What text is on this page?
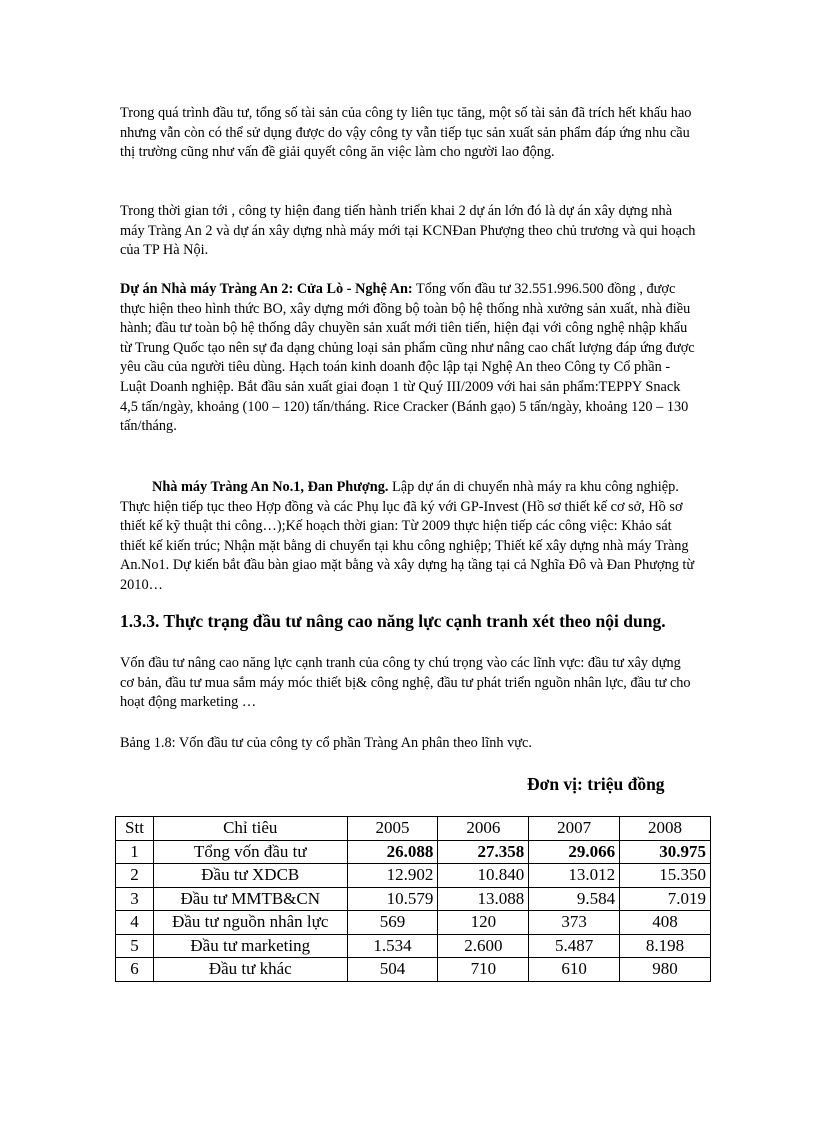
Trong quá trình đầu tư, tổng số tài sản của công ty liên tục tăng, một số tài sản đã trích hết khấu hao nhưng vẫn còn có thể sử dụng được do vậy công ty vẫn tiếp tục sản xuất sản phẩm đáp ứng nhu cầu thị trường cũng như vấn đề giải quyết công ăn việc làm cho người lao động.

Trong thời gian tới , công ty hiện đang tiến hành triển khai 2 dự án lớn đó là dự án xây dựng nhà máy Tràng An 2 và dự án xây dựng nhà máy mới tại KCNĐan Phượng theo chủ trương và qui hoạch của TP Hà Nội.

Dự án Nhà máy Tràng An 2: Cửa Lò - Nghệ An: Tổng vốn đầu tư 32.551.996.500 đồng , được thực hiện theo hình thức BO, xây dựng mới đồng bộ toàn bộ hệ thống nhà xưởng sản xuất, nhà điều hành; đầu tư toàn bộ hệ thống dây chuyền sản xuất mới tiên tiến, hiện đại với công nghệ nhập khẩu từ Trung Quốc tạo nên sự đa dạng chủng loại sản phẩm cũng như nâng cao chất lượng đáp ứng được yêu cầu của người tiêu dùng. Hạch toán kinh doanh độc lập tại Nghệ An theo Công ty Cổ phần - Luật Doanh nghiệp. Bắt đầu sản xuất giai đoạn 1 từ Quý III/2009 với hai sản phẩm:TEPPY Snack 4,5 tấn/ngày, khoảng (100 – 120) tấn/tháng. Rice Cracker (Bánh gạo) 5 tấn/ngày, khoảng 120 – 130 tấn/tháng.

Nhà máy Tràng An No.1, Đan Phượng. Lập dự án di chuyển nhà máy ra khu công nghiệp. Thực hiện tiếp tục theo Hợp đồng và các Phụ lục đã ký với GP-Invest (Hồ sơ thiết kế cơ sở, Hồ sơ thiết kế kỹ thuật thi công…);Kế hoạch thời gian: Từ 2009 thực hiện tiếp các công việc: Khảo sát thiết kế kiến trúc; Nhận mặt bằng di chuyển tại khu công nghiệp; Thiết kế xây dựng nhà máy Tràng An.No1. Dự kiến bắt đầu bàn giao mặt bằng và xây dựng hạ tầng tại cả Nghĩa Đô và Đan Phượng từ 2010…

1.3.3. Thực trạng đầu tư nâng cao năng lực cạnh tranh xét theo nội dung.

Vốn đầu tư nâng cao năng lực cạnh tranh của công ty chú trọng vào các lĩnh vực: đầu tư xây dựng cơ bản, đầu tư mua sắm máy móc thiết bị& công nghệ, đầu tư phát triển nguồn nhân lực, đầu tư cho hoạt động marketing …

Bảng 1.8: Vốn đầu tư của công ty cổ phần Tràng An phân theo lĩnh vực.

Đơn vị: triệu đồng

Stt	Chỉ tiêu	2005	2006	2007	2008
1	Tổng vốn đầu tư	26.088	27.358	29.066	30.975
2	Đầu tư XDCB	12.902	10.840	13.012	15.350
3	Đầu tư MMTB&CN	10.579	13.088	9.584	7.019
4	Đầu tư nguồn nhân lực	569	120	373	408
5	Đầu tư marketing	1.534	2.600	5.487	8.198
6	Đầu tư khác	504	710	610	980
